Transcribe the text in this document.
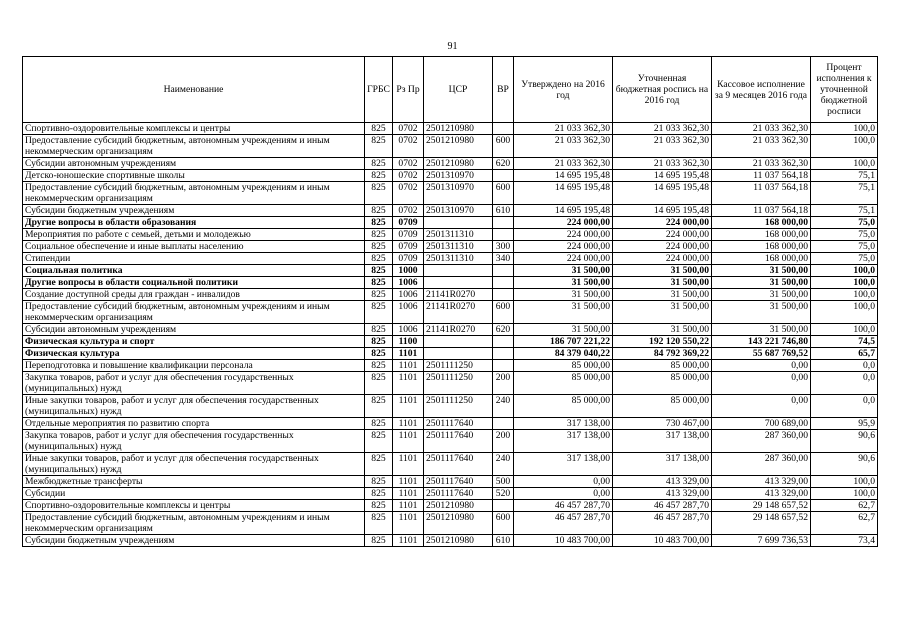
91
Наименование	ГРБС	Рз Пр	ЦСР	ВР	Утверждено на 2016 год	Уточненная бюджетная роспись на 2016 год	Кассовое исполнение за 9 месяцев 2016 года	Процент исполнения к уточненной бюджетной росписи
Спортивно-оздоровительные комплексы и центры	825	0702	2501210980		21 033 362,30	21 033 362,30	21 033 362,30	100,0
Предоставление субсидий бюджетным, автономным учреждениям и иным некоммерческим организациям	825	0702	2501210980	600	21 033 362,30	21 033 362,30	21 033 362,30	100,0
Субсидии автономным учреждениям	825	0702	2501210980	620	21 033 362,30	21 033 362,30	21 033 362,30	100,0
Детско-юношеские спортивные школы	825	0702	2501310970		14 695 195,48	14 695 195,48	11 037 564,18	75,1
Предоставление субсидий бюджетным, автономным учреждениям и иным некоммерческим организациям	825	0702	2501310970	600	14 695 195,48	14 695 195,48	11 037 564,18	75,1
Субсидии бюджетным учреждениям	825	0702	2501310970	610	14 695 195,48	14 695 195,48	11 037 564,18	75,1
Другие вопросы в области образования	825	0709			224 000,00	224 000,00	168 000,00	75,0
Мероприятия по работе с семьей, детьми и молодежью	825	0709	2501311310		224 000,00	224 000,00	168 000,00	75,0
Социальное обеспечение и иные выплаты населению	825	0709	2501311310	300	224 000,00	224 000,00	168 000,00	75,0
Стипендии	825	0709	2501311310	340	224 000,00	224 000,00	168 000,00	75,0
Социальная политика	825	1000			31 500,00	31 500,00	31 500,00	100,0
Другие вопросы в области социальной политики	825	1006			31 500,00	31 500,00	31 500,00	100,0
Создание доступной среды для граждан - инвалидов	825	1006	21141R0270		31 500,00	31 500,00	31 500,00	100,0
Предоставление субсидий бюджетным, автономным учреждениям и иным некоммерческим организациям	825	1006	21141R0270	600	31 500,00	31 500,00	31 500,00	100,0
Субсидии автономным учреждениям	825	1006	21141R0270	620	31 500,00	31 500,00	31 500,00	100,0
Физическая культура и спорт	825	1100			186 707 221,22	192 120 550,22	143 221 746,80	74,5
Физическая культура	825	1101			84 379 040,22	84 792 369,22	55 687 769,52	65,7
Переподготовка и повышение квалификации персонала	825	1101	2501111250		85 000,00	85 000,00	0,00	0,0
Закупка товаров, работ и услуг для обеспечения государственных (муниципальных) нужд	825	1101	2501111250	200	85 000,00	85 000,00	0,00	0,0
Иные закупки товаров, работ и услуг для обеспечения государственных (муниципальных) нужд	825	1101	2501111250	240	85 000,00	85 000,00	0,00	0,0
Отдельные мероприятия по развитию спорта	825	1101	2501117640		317 138,00	730 467,00	700 689,00	95,9
Закупка товаров, работ и услуг для обеспечения государственных (муниципальных) нужд	825	1101	2501117640	200	317 138,00	317 138,00	287 360,00	90,6
Иные закупки товаров, работ и услуг для обеспечения государственных (муниципальных) нужд	825	1101	2501117640	240	317 138,00	317 138,00	287 360,00	90,6
Межбюджетные трансферты	825	1101	2501117640	500	0,00	413 329,00	413 329,00	100,0
Субсидии	825	1101	2501117640	520	0,00	413 329,00	413 329,00	100,0
Спортивно-оздоровительные комплексы и центры	825	1101	2501210980		46 457 287,70	46 457 287,70	29 148 657,52	62,7
Предоставление субсидий бюджетным, автономным учреждениям и иным некоммерческим организациям	825	1101	2501210980	600	46 457 287,70	46 457 287,70	29 148 657,52	62,7
Субсидии бюджетным учреждениям	825	1101	2501210980	610	10 483 700,00	10 483 700,00	7 699 736,53	73,4
